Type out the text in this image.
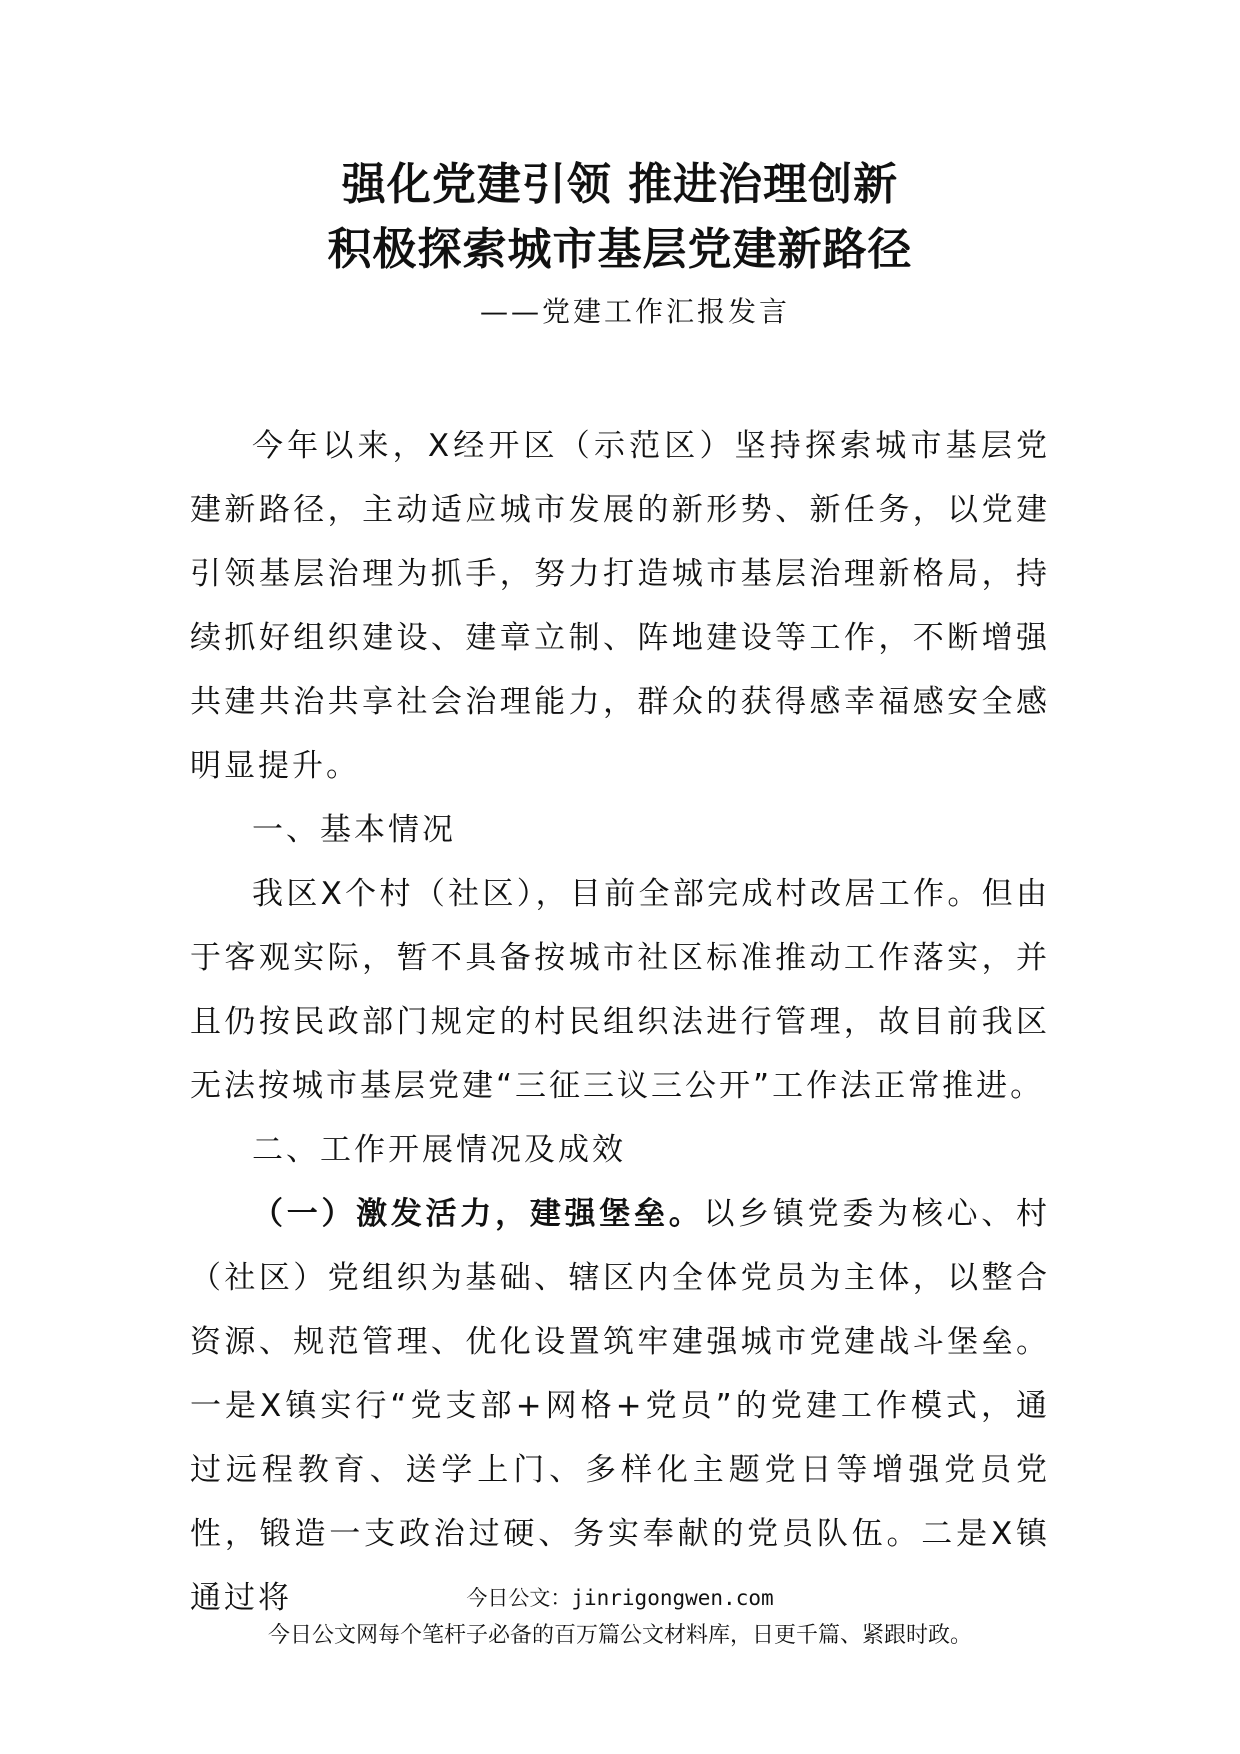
强化党建引领 推进治理创新
积极探索城市基层党建新路径
——党建工作汇报发言

今年以来，X经开区（示范区）坚持探索城市基层党建新路径，主动适应城市发展的新形势、新任务，以党建引领基层治理为抓手，努力打造城市基层治理新格局，持续抓好组织建设、建章立制、阵地建设等工作，不断增强共建共治共享社会治理能力，群众的获得感幸福感安全感明显提升。

一、基本情况

我区X个村（社区），目前全部完成村改居工作。但由于客观实际，暂不具备按城市社区标准推动工作落实，并且仍按民政部门规定的村民组织法进行管理，故目前我区无法按城市基层党建“三征三议三公开”工作法正常推进。

二、工作开展情况及成效

（一）激发活力，建强堡垒。以乡镇党委为核心、村（社区）党组织为基础、辖区内全体党员为主体，以整合资源、规范管理、优化设置筑牢建强城市党建战斗堡垒。一是X镇实行“党支部+网格+党员”的党建工作模式，通过远程教育、送学上门、多样化主题党日等增强党员党性，锻造一支政治过硬、务实奉献的党员队伍。二是X镇通过将	今日公文：jinrigongwen.com
今日公文网每个笔杆子必备的百万篇公文材料库，日更千篇、紧跟时政。
